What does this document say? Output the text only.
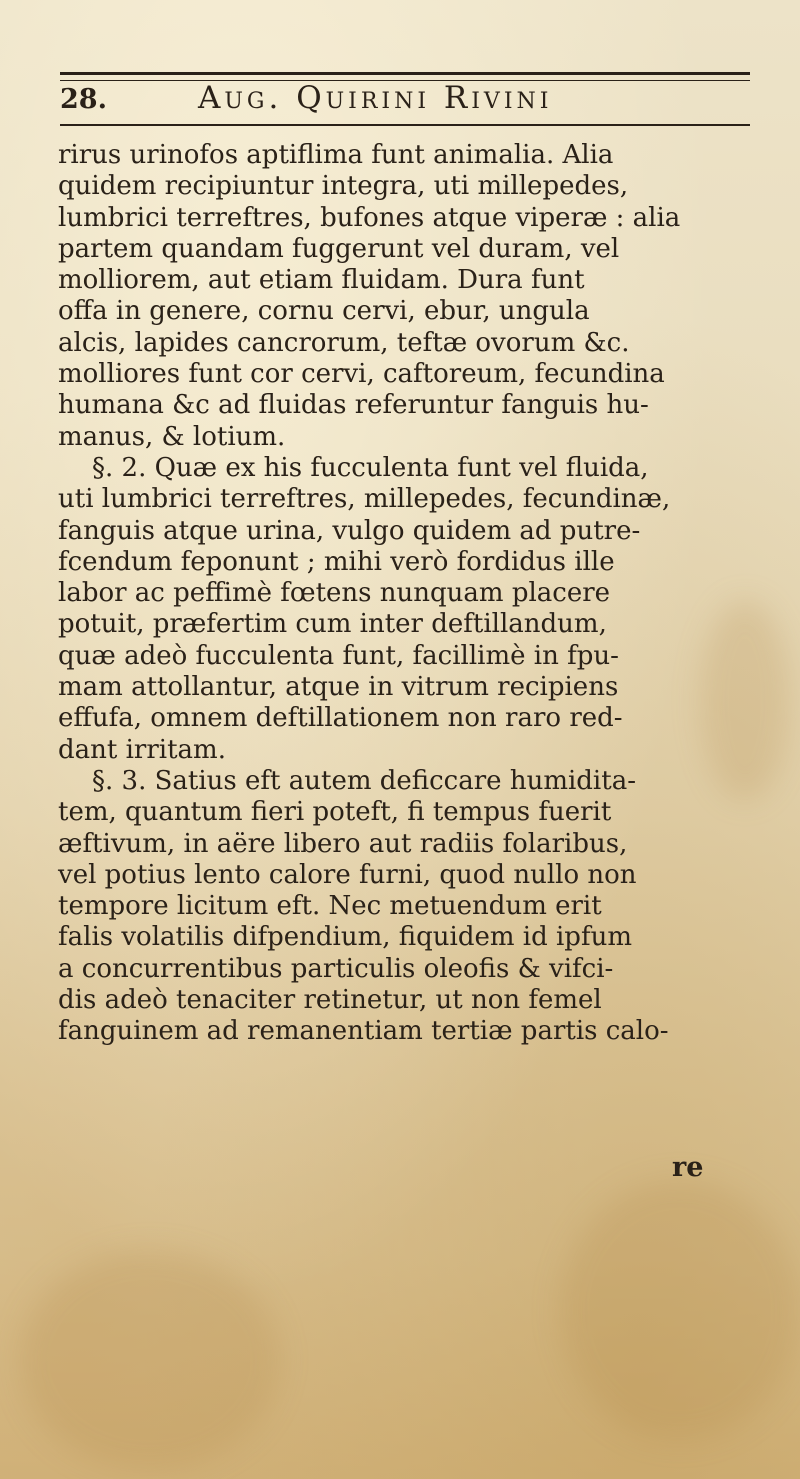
28.	Aug. Quirini Rivini
rirus urinofos aptiflima funt animalia. Alia
quidem recipiuntur integra, uti millepedes,
lumbrici terreftres, bufones atque viperæ : alia
partem quandam fuggerunt vel duram, vel
molliorem, aut etiam fluidam. Dura funt
offa in genere, cornu cervi, ebur, ungula
alcis, lapides cancrorum, teftæ ovorum &c.
molliores funt cor cervi, caftoreum, fecundina
humana &c ad fluidas referuntur fanguis hu-
manus, & lotium.
§. 2. Quæ ex his fucculenta funt vel fluida,
uti lumbrici terreftres, millepedes, fecundinæ,
fanguis atque urina, vulgo quidem ad putre-
fcendum feponunt ; mihi verò fordidus ille
labor ac peffimè fœtens nunquam placere
potuit, præfertim cum inter deftillandum,
quæ adeò fucculenta funt, facillimè in fpu-
mam attollantur, atque in vitrum recipiens
effufa, omnem deftillationem non raro red-
dant irritam.
§. 3. Satius eft autem deficcare humidita-
tem, quantum fieri poteft, fi tempus fuerit
æftivum, in aëre libero aut radiis folaribus,
vel potius lento calore furni, quod nullo non
tempore licitum eft. Nec metuendum erit
falis volatilis difpendium, fiquidem id ipfum
a concurrentibus particulis oleofis & vifci-
dis adeò tenaciter retinetur, ut non femel
fanguinem ad remanentiam tertiæ partis calo-
re
